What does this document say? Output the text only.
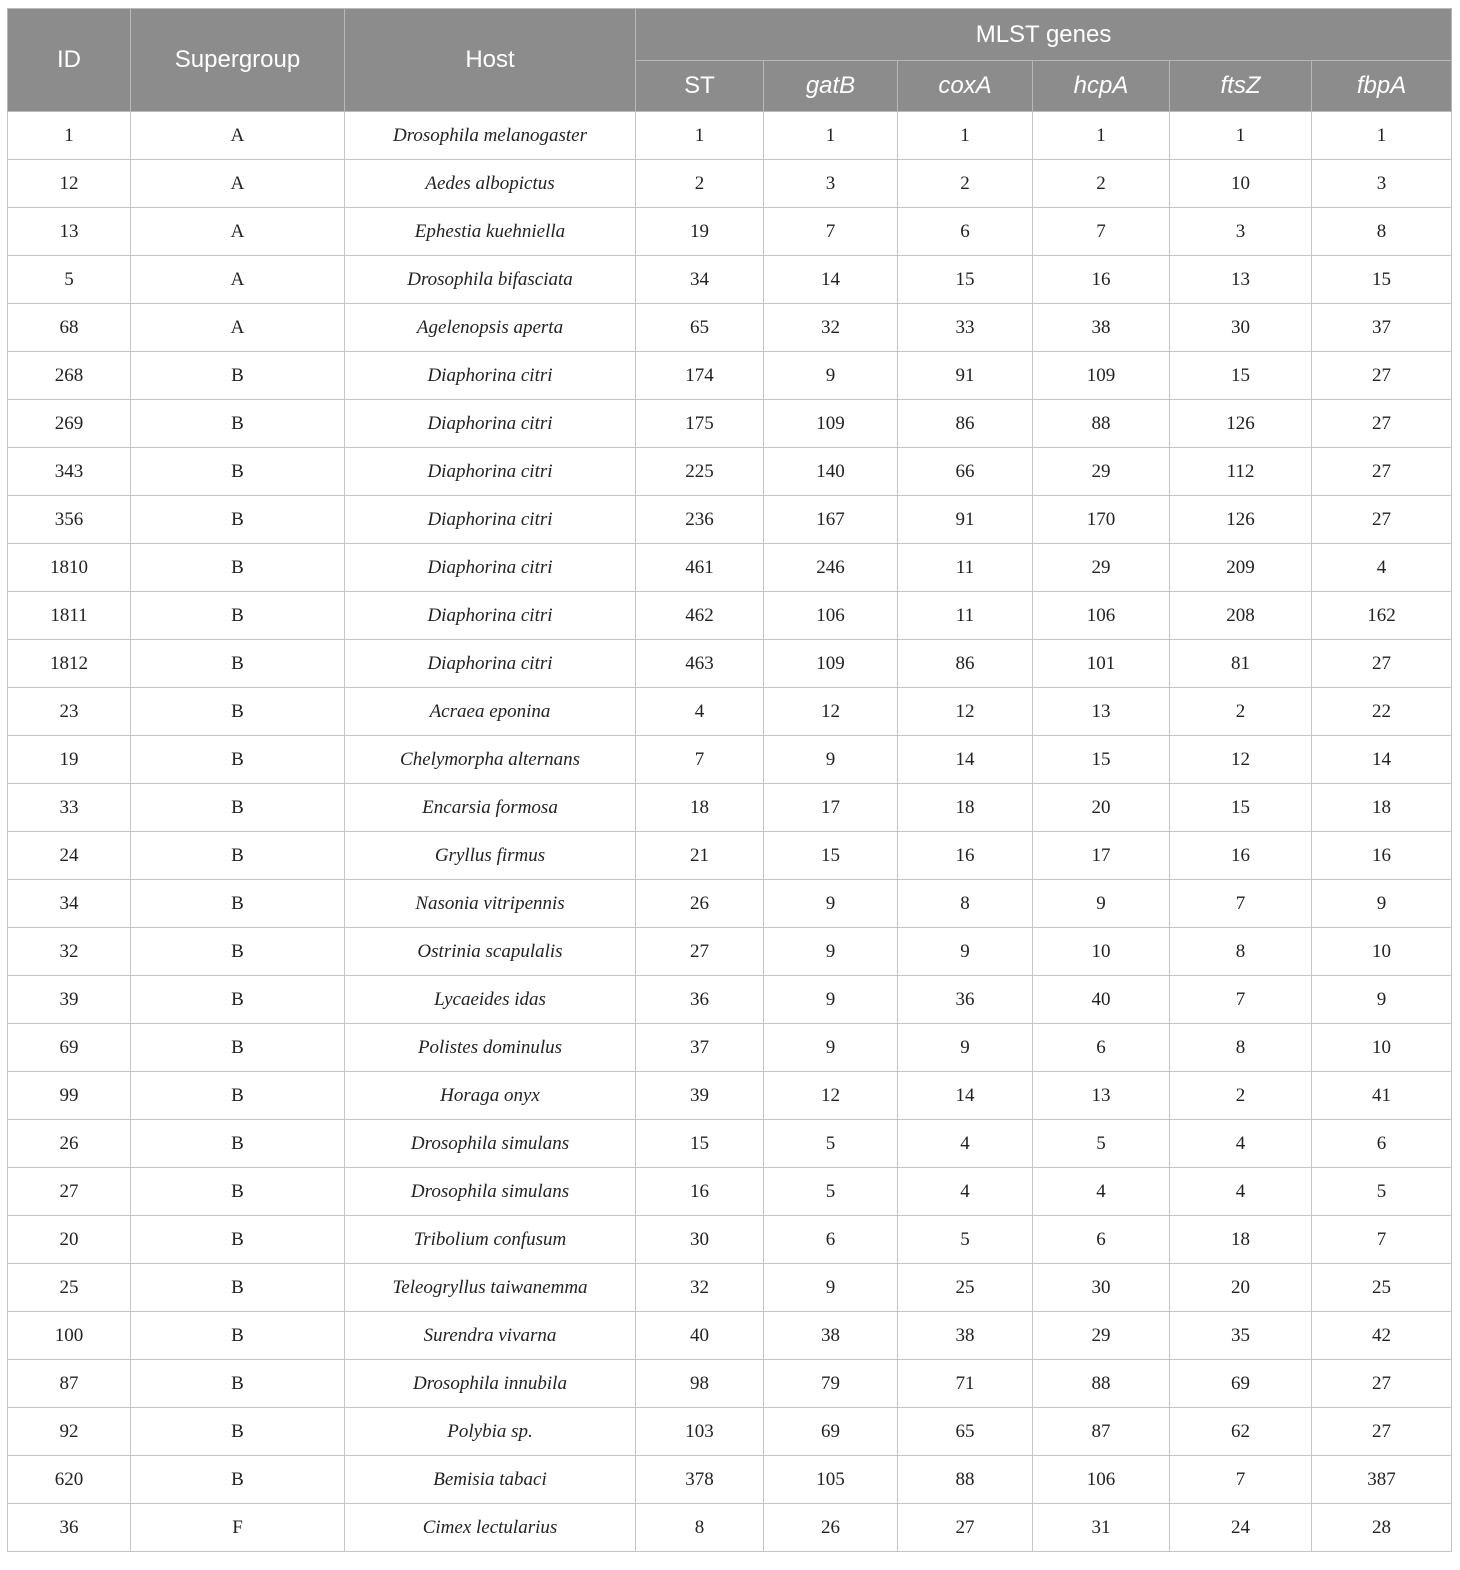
ID	Supergroup	Host	MLST genes					
			ST	gatB	coxA	hcpA	ftsZ	fbpA
1	A	Drosophila melanogaster	1	1	1	1	1	1
12	A	Aedes albopictus	2	3	2	2	10	3
13	A	Ephestia kuehniella	19	7	6	7	3	8
5	A	Drosophila bifasciata	34	14	15	16	13	15
68	A	Agelenopsis aperta	65	32	33	38	30	37
268	B	Diaphorina citri	174	9	91	109	15	27
269	B	Diaphorina citri	175	109	86	88	126	27
343	B	Diaphorina citri	225	140	66	29	112	27
356	B	Diaphorina citri	236	167	91	170	126	27
1810	B	Diaphorina citri	461	246	11	29	209	4
1811	B	Diaphorina citri	462	106	11	106	208	162
1812	B	Diaphorina citri	463	109	86	101	81	27
23	B	Acraea eponina	4	12	12	13	2	22
19	B	Chelymorpha alternans	7	9	14	15	12	14
33	B	Encarsia formosa	18	17	18	20	15	18
24	B	Gryllus firmus	21	15	16	17	16	16
34	B	Nasonia vitripennis	26	9	8	9	7	9
32	B	Ostrinia scapulalis	27	9	9	10	8	10
39	B	Lycaeides idas	36	9	36	40	7	9
69	B	Polistes dominulus	37	9	9	6	8	10
99	B	Horaga onyx	39	12	14	13	2	41
26	B	Drosophila simulans	15	5	4	5	4	6
27	B	Drosophila simulans	16	5	4	4	4	5
20	B	Tribolium confusum	30	6	5	6	18	7
25	B	Teleogryllus taiwanemma	32	9	25	30	20	25
100	B	Surendra vivarna	40	38	38	29	35	42
87	B	Drosophila innubila	98	79	71	88	69	27
92	B	Polybia sp.	103	69	65	87	62	27
620	B	Bemisia tabaci	378	105	88	106	7	387
36	F	Cimex lectularius	8	26	27	31	24	28
